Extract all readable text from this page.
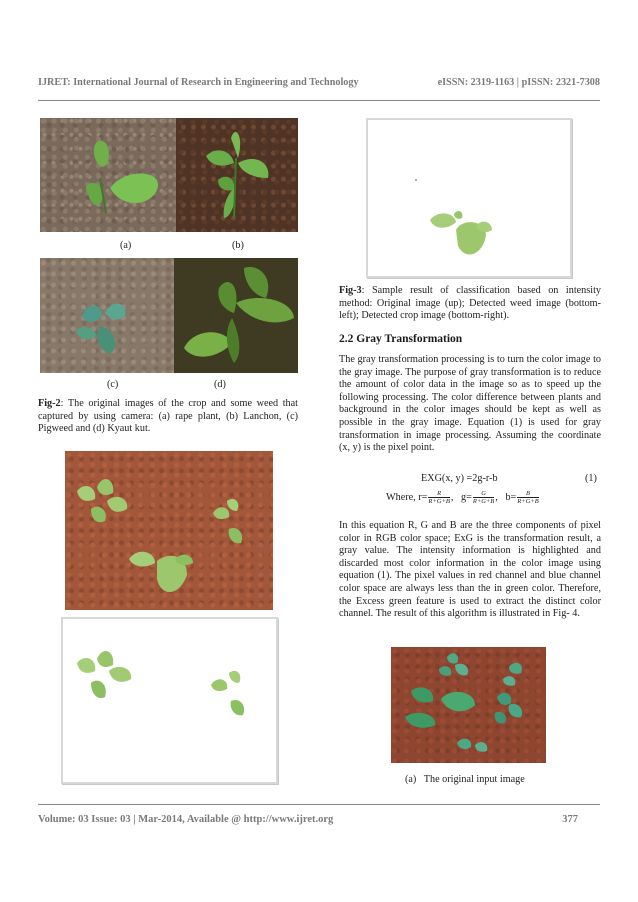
IJRET: International Journal of Research in Engineering and Technology	eISSN: 2319-1163 | pISSN: 2321-7308
(a)	(b)
(c)	(d)
Fig-2: The original images of the crop and some weed that captured by using camera: (a) rape plant, (b) Lanchon, (c) Pigweed and (d) Kyaut kut.
Fig-3: Sample result of classification based on intensity method: Original image (up); Detected weed image (bottom-left); Detected crop image (bottom-right).
2.2 Gray Transformation
The gray transformation processing is to turn the color image to the gray image. The purpose of gray transformation is to reduce the amount of color data in the image so as to speed up the following processing. The color difference between plants and background in the color images should be kept as well as possible in the gray image. Equation (1) is used for gray transformation in image processing. Assuming the coordinate (x, y) is the pixel point.
EXG(x, y) =2g-r-b	(1)
Where, $r= \frac{R}{R+G+B}$ , $g= \frac{G}{R+G+B}$ , $b= \frac{B}{R+G+B}$
In this equation R, G and B are the three components of pixel color in RGB color space; ExG is the transformation result, a gray value. The intensity information is highlighted and discarded most color information in the color image using equation (1). The pixel values in red channel and blue channel color space are always less than the in green color. Therefore, the Excess green feature is used to extract the distinct color channel. The result of this algorithm is illustrated in Fig- 4.
(a)   The original input image
Volume: 03 Issue: 03 | Mar-2014, Available @ http://www.ijret.org	377
